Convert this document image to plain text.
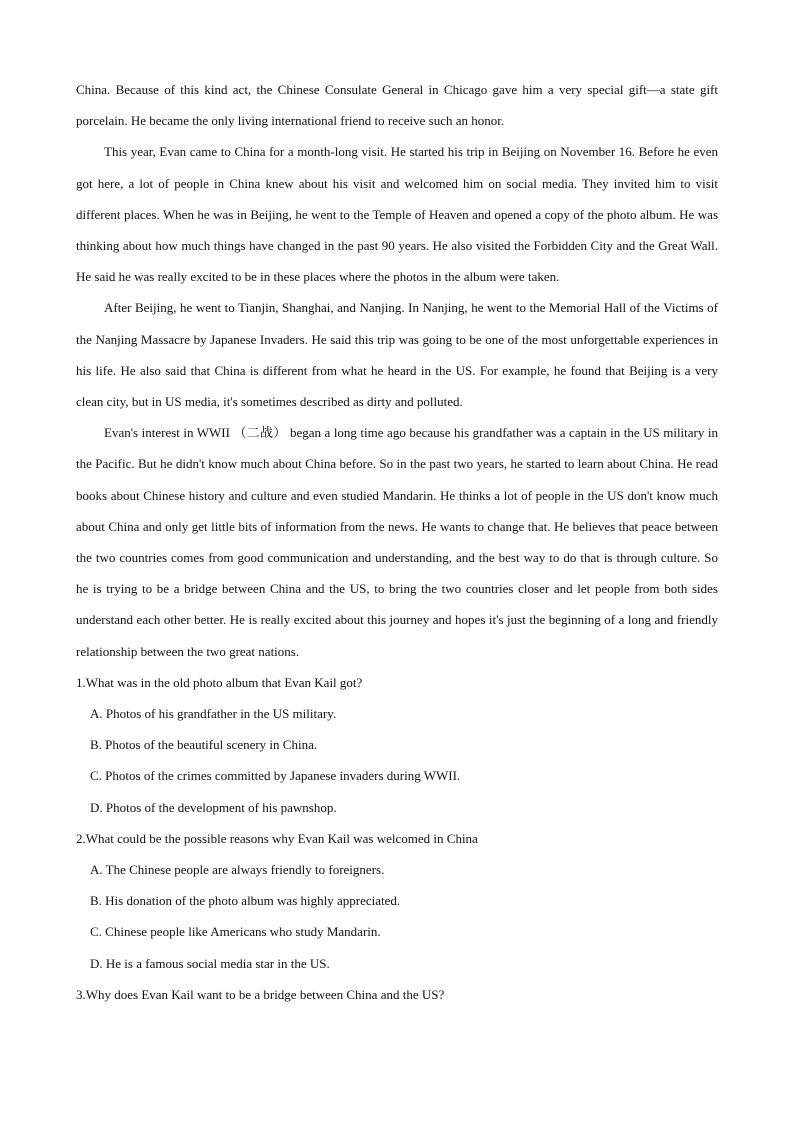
China. Because of this kind act, the Chinese Consulate General in Chicago gave him a very special gift—a state gift porcelain. He became the only living international friend to receive such an honor.

This year, Evan came to China for a month-long visit. He started his trip in Beijing on November 16. Before he even got here, a lot of people in China knew about his visit and welcomed him on social media. They invited him to visit different places. When he was in Beijing, he went to the Temple of Heaven and opened a copy of the photo album. He was thinking about how much things have changed in the past 90 years. He also visited the Forbidden City and the Great Wall. He said he was really excited to be in these places where the photos in the album were taken.

After Beijing, he went to Tianjin, Shanghai, and Nanjing. In Nanjing, he went to the Memorial Hall of the Victims of the Nanjing Massacre by Japanese Invaders. He said this trip was going to be one of the most unforgettable experiences in his life. He also said that China is different from what he heard in the US. For example, he found that Beijing is a very clean city, but in US media, it's sometimes described as dirty and polluted.

Evan's interest in WWII （二战） began a long time ago because his grandfather was a captain in the US military in the Pacific. But he didn't know much about China before. So in the past two years, he started to learn about China. He read books about Chinese history and culture and even studied Mandarin. He thinks a lot of people in the US don't know much about China and only get little bits of information from the news. He wants to change that. He believes that peace between the two countries comes from good communication and understanding, and the best way to do that is through culture. So he is trying to be a bridge between China and the US, to bring the two countries closer and let people from both sides understand each other better. He is really excited about this journey and hopes it's just the beginning of a long and friendly relationship between the two great nations.

1.What was in the old photo album that Evan Kail got?

A. Photos of his grandfather in the US military.

B. Photos of the beautiful scenery in China.

C. Photos of the crimes committed by Japanese invaders during WWII.

D. Photos of the development of his pawnshop.

2.What could be the possible reasons why Evan Kail was welcomed in China

A. The Chinese people are always friendly to foreigners.

B. His donation of the photo album was highly appreciated.

C. Chinese people like Americans who study Mandarin.

D. He is a famous social media star in the US.

3.Why does Evan Kail want to be a bridge between China and the US?
